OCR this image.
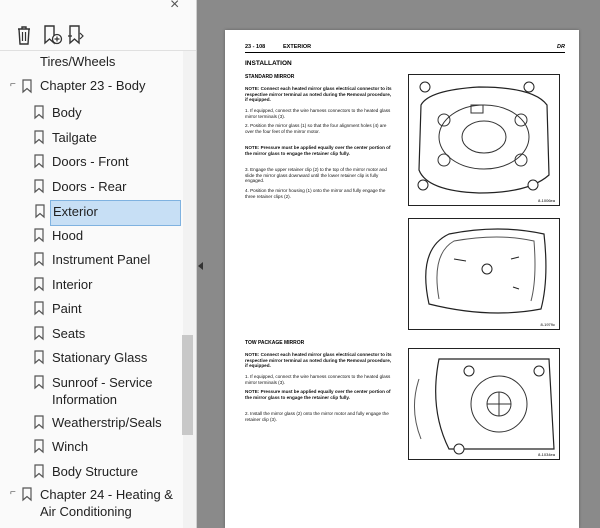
×
Tires/Wheels
⌐ Chapter 23 - Body
Body
Tailgate
Doors - Front
Doors - Rear
Exterior
Hood
Instrument Panel
Interior
Paint
Seats
Stationary Glass
Sunroof - Service Information
Weatherstrip/Seals
Winch
Body Structure
⌐ Chapter 24 - Heating & Air Conditioning
23 - 108	EXTERIOR	DR
INSTALLATION
STANDARD MIRROR
NOTE: Connect each heated mirror glass electrical connector to its respective mirror terminal as noted during the Removal procedure, if equipped.
1. If equipped, connect the wire harness connectors to the heated glass mirror terminals (3).
2. Position the mirror glass (1) so that the four alignment holes (4) are over the four feet of the mirror motor.
NOTE: Pressure must be applied equally over the center portion of the mirror glass to engage the retainer clip fully.
3. Engage the upper retainer clip (2) to the top of the mirror motor and slide the mirror glass downward until the lower retainer clip is fully engaged.
4. Position the mirror housing (1) onto the mirror and fully engage the three retainer clips (2).
TOW PACKAGE MIRROR
NOTE: Connect each heated mirror glass electrical connector to its respective mirror terminal as noted during the Removal procedure, if equipped.
1. If equipped, connect the wire harness connectors to the heated glass mirror terminals (3).
NOTE: Pressure must be applied equally over the center portion of the mirror glass to engage the retainer clip fully.
2. Install the mirror glass (2) onto the mirror motor and fully engage the retainer clip (3).
8-1006ea
8-1979c
8-1034ea
